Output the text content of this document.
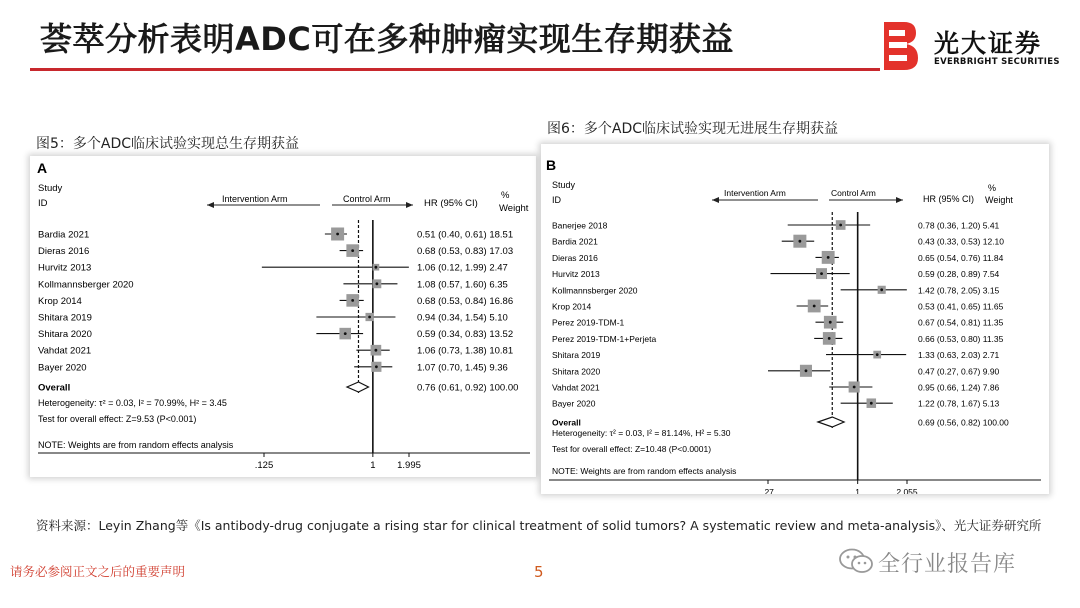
荟萃分析表明ADC可在多种肿瘤实现生存期获益	光大证券
EVERBRIGHT SECURITIES
图5：多个ADC临床试验实现总生存期获益
A
Study
ID	Intervention Arm	Control Arm	HR (95% CI)
%
Weight
Bardia 2021	0.51 (0.40, 0.61) 18.51
Dieras 2016	0.68 (0.53, 0.83) 17.03
Hurvitz 2013	1.06 (0.12, 1.99) 2.47
Kollmannsberger 2020	1.08 (0.57, 1.60) 6.35
Krop 2014	0.68 (0.53, 0.84) 16.86
Shitara 2019	0.94 (0.34, 1.54) 5.10
Shitara 2020	0.59 (0.34, 0.83) 13.52
Vahdat 2021	1.06 (0.73, 1.38) 10.81
Bayer 2020	1.07 (0.70, 1.45) 9.36
Overall	0.76 (0.61, 0.92) 100.00
.125	1 1.995
Heterogeneity: τ² = 0.03, I² = 70.99%, H² = 3.45
Test for overall effect: Z=9.53 (P<0.001)
NOTE: Weights are from random effects analysis
图6：多个ADC临床试验实现无进展生存期获益
B
Study
ID
Intervention Arm	Control Arm
HR (95% CI)
%
Weight
Banerjee 2018	0.78 (0.36, 1.20) 5.41
Bardia 2021	0.43 (0.33, 0.53) 12.10
Dieras 2016	0.65 (0.54, 0.76) 11.84
Hurvitz 2013	0.59 (0.28, 0.89) 7.54
Kollmannsberger 2020	1.42 (0.78, 2.05) 3.15
Krop 2014	0.53 (0.41, 0.65) 11.65
Perez 2019-TDM-1	0.67 (0.54, 0.81) 11.35
Perez 2019-TDM-1+Perjeta	0.66 (0.53, 0.80) 11.35
Shitara 2019	1.33 (0.63, 2.03) 2.71
Shitara 2020	0.47 (0.27, 0.67) 9.90
Vahdat 2021	0.95 (0.66, 1.24) 7.86
Bayer 2020	1.22 (0.78, 1.67) 5.13
Overall	0.69 (0.56, 0.82) 100.00
.27	1	2.055
Heterogeneity: τ² = 0.03, I² = 81.14%, H² = 5.30
Test for overall effect: Z=10.48 (P<0.0001)
NOTE: Weights are from random effects analysis
资料来源：Leyin Zhang等《Is antibody-drug conjugate a rising star for clinical treatment of solid tumors? A systematic review and meta-analysis》、光大证券研究所
请务必参阅正文之后的重要声明	5	全行业报告库
